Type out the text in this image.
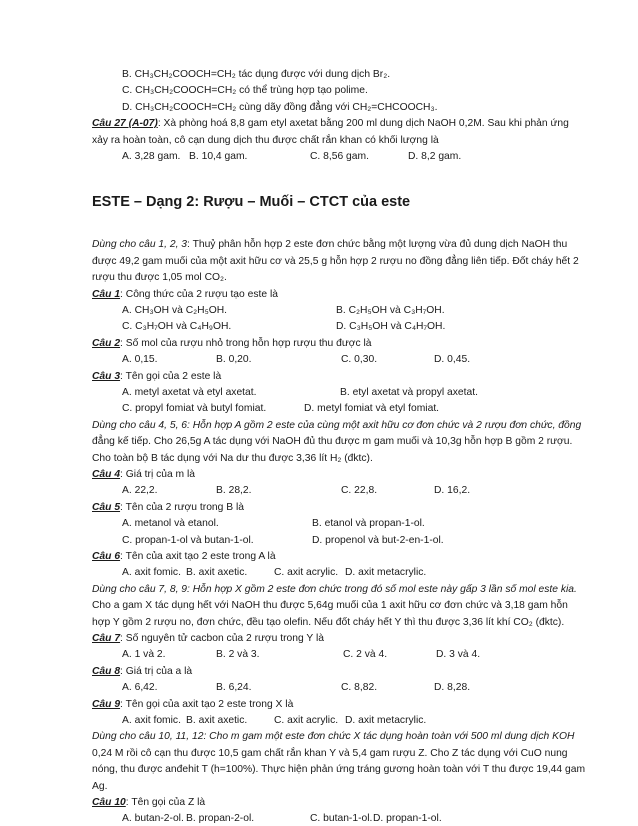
B. CH₃CH₂COOCH=CH₂ tác dụng được với dung dịch Br₂.
C. CH₃CH₂COOCH=CH₂ có thể trùng hợp tạo polime.
D. CH₃CH₂COOCH=CH₂ cùng dãy đồng đẳng với CH₂=CHCOOCH₃.
Câu 27 (A-07): Xà phòng hoá 8,8 gam etyl axetat bằng 200 ml dung dịch NaOH 0,2M. Sau khi phản ứng
xảy ra hoàn toàn, cô cạn dung dịch thu được chất rắn khan có khối lượng là
A. 3,28 gam. B. 10,4 gam.	C. 8,56 gam.	D. 8,2 gam.
ESTE – Dạng 2: Rượu – Muối – CTCT của este
Dùng cho câu 1, 2, 3: Thuỷ phân hỗn hợp 2 este đơn chức bằng một lượng vừa đủ dung dịch NaOH thu
được 49,2 gam muối của một axit hữu cơ và 25,5 g hỗn hợp 2 rượu no đồng đẳng liên tiếp. Đốt cháy hết 2
rượu thu được 1,05 mol CO₂.
Câu 1: Công thức của 2 rượu tạo este là
A. CH₃OH và C₂H₅OH.	B. C₂H₅OH và C₃H₇OH.
C. C₃H₇OH và C₄H₉OH.	D. C₃H₅OH và C₄H₇OH.
Câu 2: Số mol của rượu nhỏ trong hỗn hợp rượu thu được là
A. 0,15.	B. 0,20.	C. 0,30.	D. 0,45.
Câu 3: Tên gọi của 2 este là
A. metyl axetat và etyl axetat.	B. etyl axetat và propyl axetat.
C. propyl fomiat và butyl fomiat.	D. metyl fomiat và etyl fomiat.
Dùng cho câu 4, 5, 6: Hỗn hợp A gồm 2 este của cùng một axit hữu cơ đơn chức và 2 rượu đơn chức, đồng
đẳng kế tiếp. Cho 26,5g A tác dụng với NaOH đủ thu được m gam muối và 10,3g hỗn hợp B gồm 2 rượu.
Cho toàn bộ B tác dụng với Na dư thu được 3,36 lít H₂ (đktc).
Câu 4: Giá trị của m là
A. 22,2.	B. 28,2.	C. 22,8.	D. 16,2.
Câu 5: Tên của 2 rượu trong B là
A. metanol và etanol.	B. etanol và propan-1-ol.
C. propan-1-ol và butan-1-ol.	D. propenol và but-2-en-1-ol.
Câu 6: Tên của axit tạo 2 este trong A là
A. axit fomic. B. axit axetic.	C. axit acrylic. D. axit metacrylic.
Dùng cho câu 7, 8, 9: Hỗn hợp X gồm 2 este đơn chức trong đó số mol este này gấp 3 lần số mol este kia.
Cho a gam X tác dụng hết với NaOH thu được 5,64g muối của 1 axit hữu cơ đơn chức và 3,18 gam hỗn
hợp Y gồm 2 rượu no, đơn chức, đều tạo olefin. Nếu đốt cháy hết Y thì thu được 3,36 lít khí CO₂ (đktc).
Câu 7: Số nguyên tử cacbon của 2 rượu trong Y là
A. 1 và 2.	B. 2 và 3.	C. 2 và 4.	D. 3 và 4.
Câu 8: Giá trị của a là
A. 6,42.	B. 6,24.	C. 8,82.	D. 8,28.
Câu 9: Tên gọi của axit tạo 2 este trong X là
A. axit fomic. B. axit axetic.	C. axit acrylic. D. axit metacrylic.
Dùng cho câu 10, 11, 12: Cho m gam một este đơn chức X tác dụng hoàn toàn với 500 ml dung dịch KOH
0,24 M rồi cô cạn thu được 10,5 gam chất rắn khan Y và 5,4 gam rượu Z. Cho Z tác dụng với CuO nung
nóng, thu được anđehit T (h=100%). Thực hiện phản ứng tráng gương hoàn toàn với T thu được 19,44 gam
Ag.
Câu 10: Tên gọi của Z là
A. butan-2-ol. B. propan-2-ol.	C. butan-1-ol. D. propan-1-ol.
